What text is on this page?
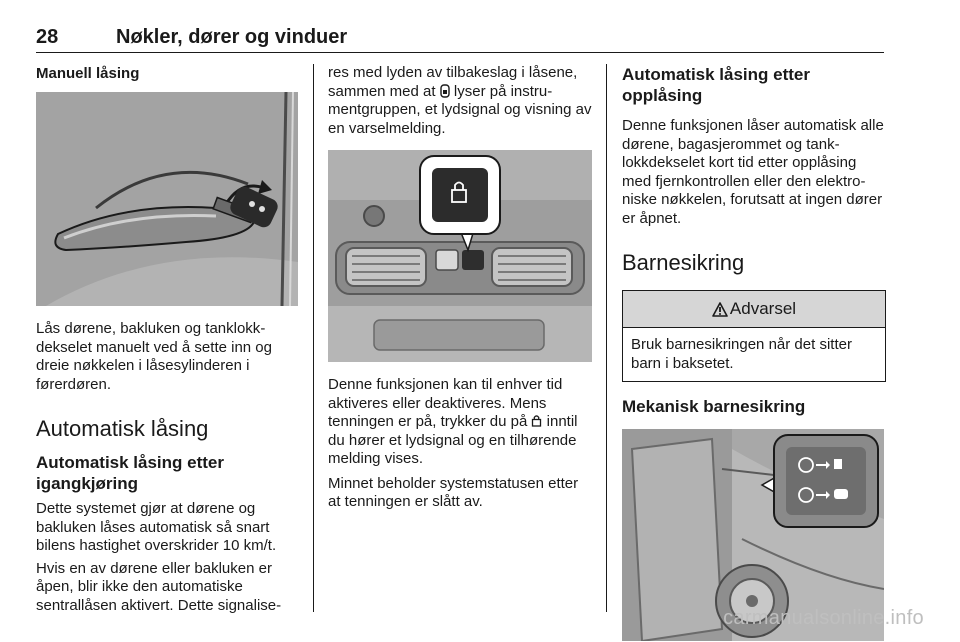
28	Nøkler, dører og vinduer
Manuell låsing

Lås dørene, bakluken og tanklokkdekselet manuelt ved å sette inn og dreie nøkkelen i låsesylinderen i førerdøren.

Automatisk låsing
Automatisk låsing etter
igangkjøring

Dette systemet gjør at dørene og bakluken låses automatisk så snart bilens hastighet overskrider 10 km/t.

Hvis en av dørene eller bakluken er åpen, blir ikke den automatiske sentrallåsen aktivert. Dette signalise-

res med lyden av tilbakeslag i låsene, sammen med at lyser på instrumentgruppen, et lydsignal og visning av en varselmelding.

Denne funksjonen kan til enhver tid aktiveres eller deaktiveres. Mens tenningen er på, trykker du på inntil du hører et lydsignal og en tilhørende melding vises.

Minnet beholder systemstatusen etter at tenningen er slått av.

Automatisk låsing etter opplåsing

Denne funksjonen låser automatisk alle dørene, bagasjerommet og tanklokkdekselet kort tid etter opplåsing med fjernkontrollen eller den elektroniske nøkkelen, forutsatt at ingen dører er åpnet.

Barnesikring
Advarsel
Bruk barnesikringen når det sitter barn i baksetet.
Mekanisk barnesikring
carmanualsonline.info
